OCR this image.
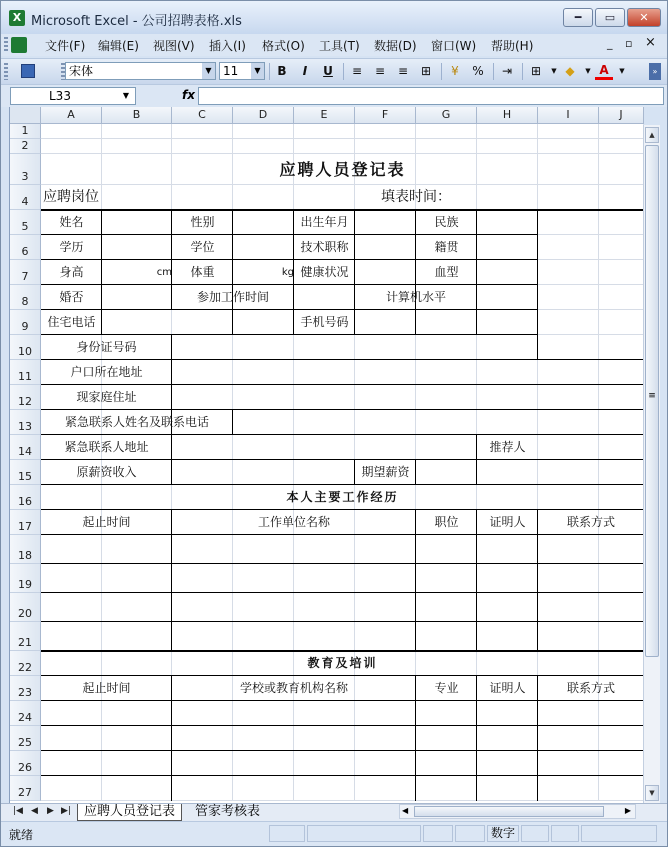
X Microsoft Excel - 公司招聘表格.xls	━	▭	✕
文件(F) 编辑(E) 视图(V) 插入(I) 格式(O) 工具(T) 数据(D) 窗口(W) 帮助(H)	_ ▫ ×
宋体	▼ 11	▼	B	I	U	≡	≡	≡	⊞	¥	%	⇥	⊞	▼ ◆	▼ A	▼	»
L33	▼	fx
A	B	C	D	E	F	G	H	I	J
1
2
3
4
5
6
7
8
9
10
11
12
13
14
15
16
17
18
19
20
21
22
23
24
25
26
27
应聘人员登记表
应聘岗位	填表时间：
姓名	性别	出生年月	民族
学历	学位	技术职称	籍贯
身高	cm	体重	kg 健康状况	血型
婚否	参加工作时间	计算机水平
住宅电话	手机号码
身份证号码
户口所在地址
现家庭住址
紧急联系人姓名及联系电话
紧急联系人地址	推荐人
原薪资收入	期望薪资
本人主要工作经历
起止时间	工作单位名称	职位	证明人	联系方式
教育及培训
起止时间	学校或教育机构名称	专业	证明人	联系方式
▲
≡
▼
|◀ ◀ ▶ ▶|	应聘人员登记表	管家考核表	◀	▶
就绪	数字
